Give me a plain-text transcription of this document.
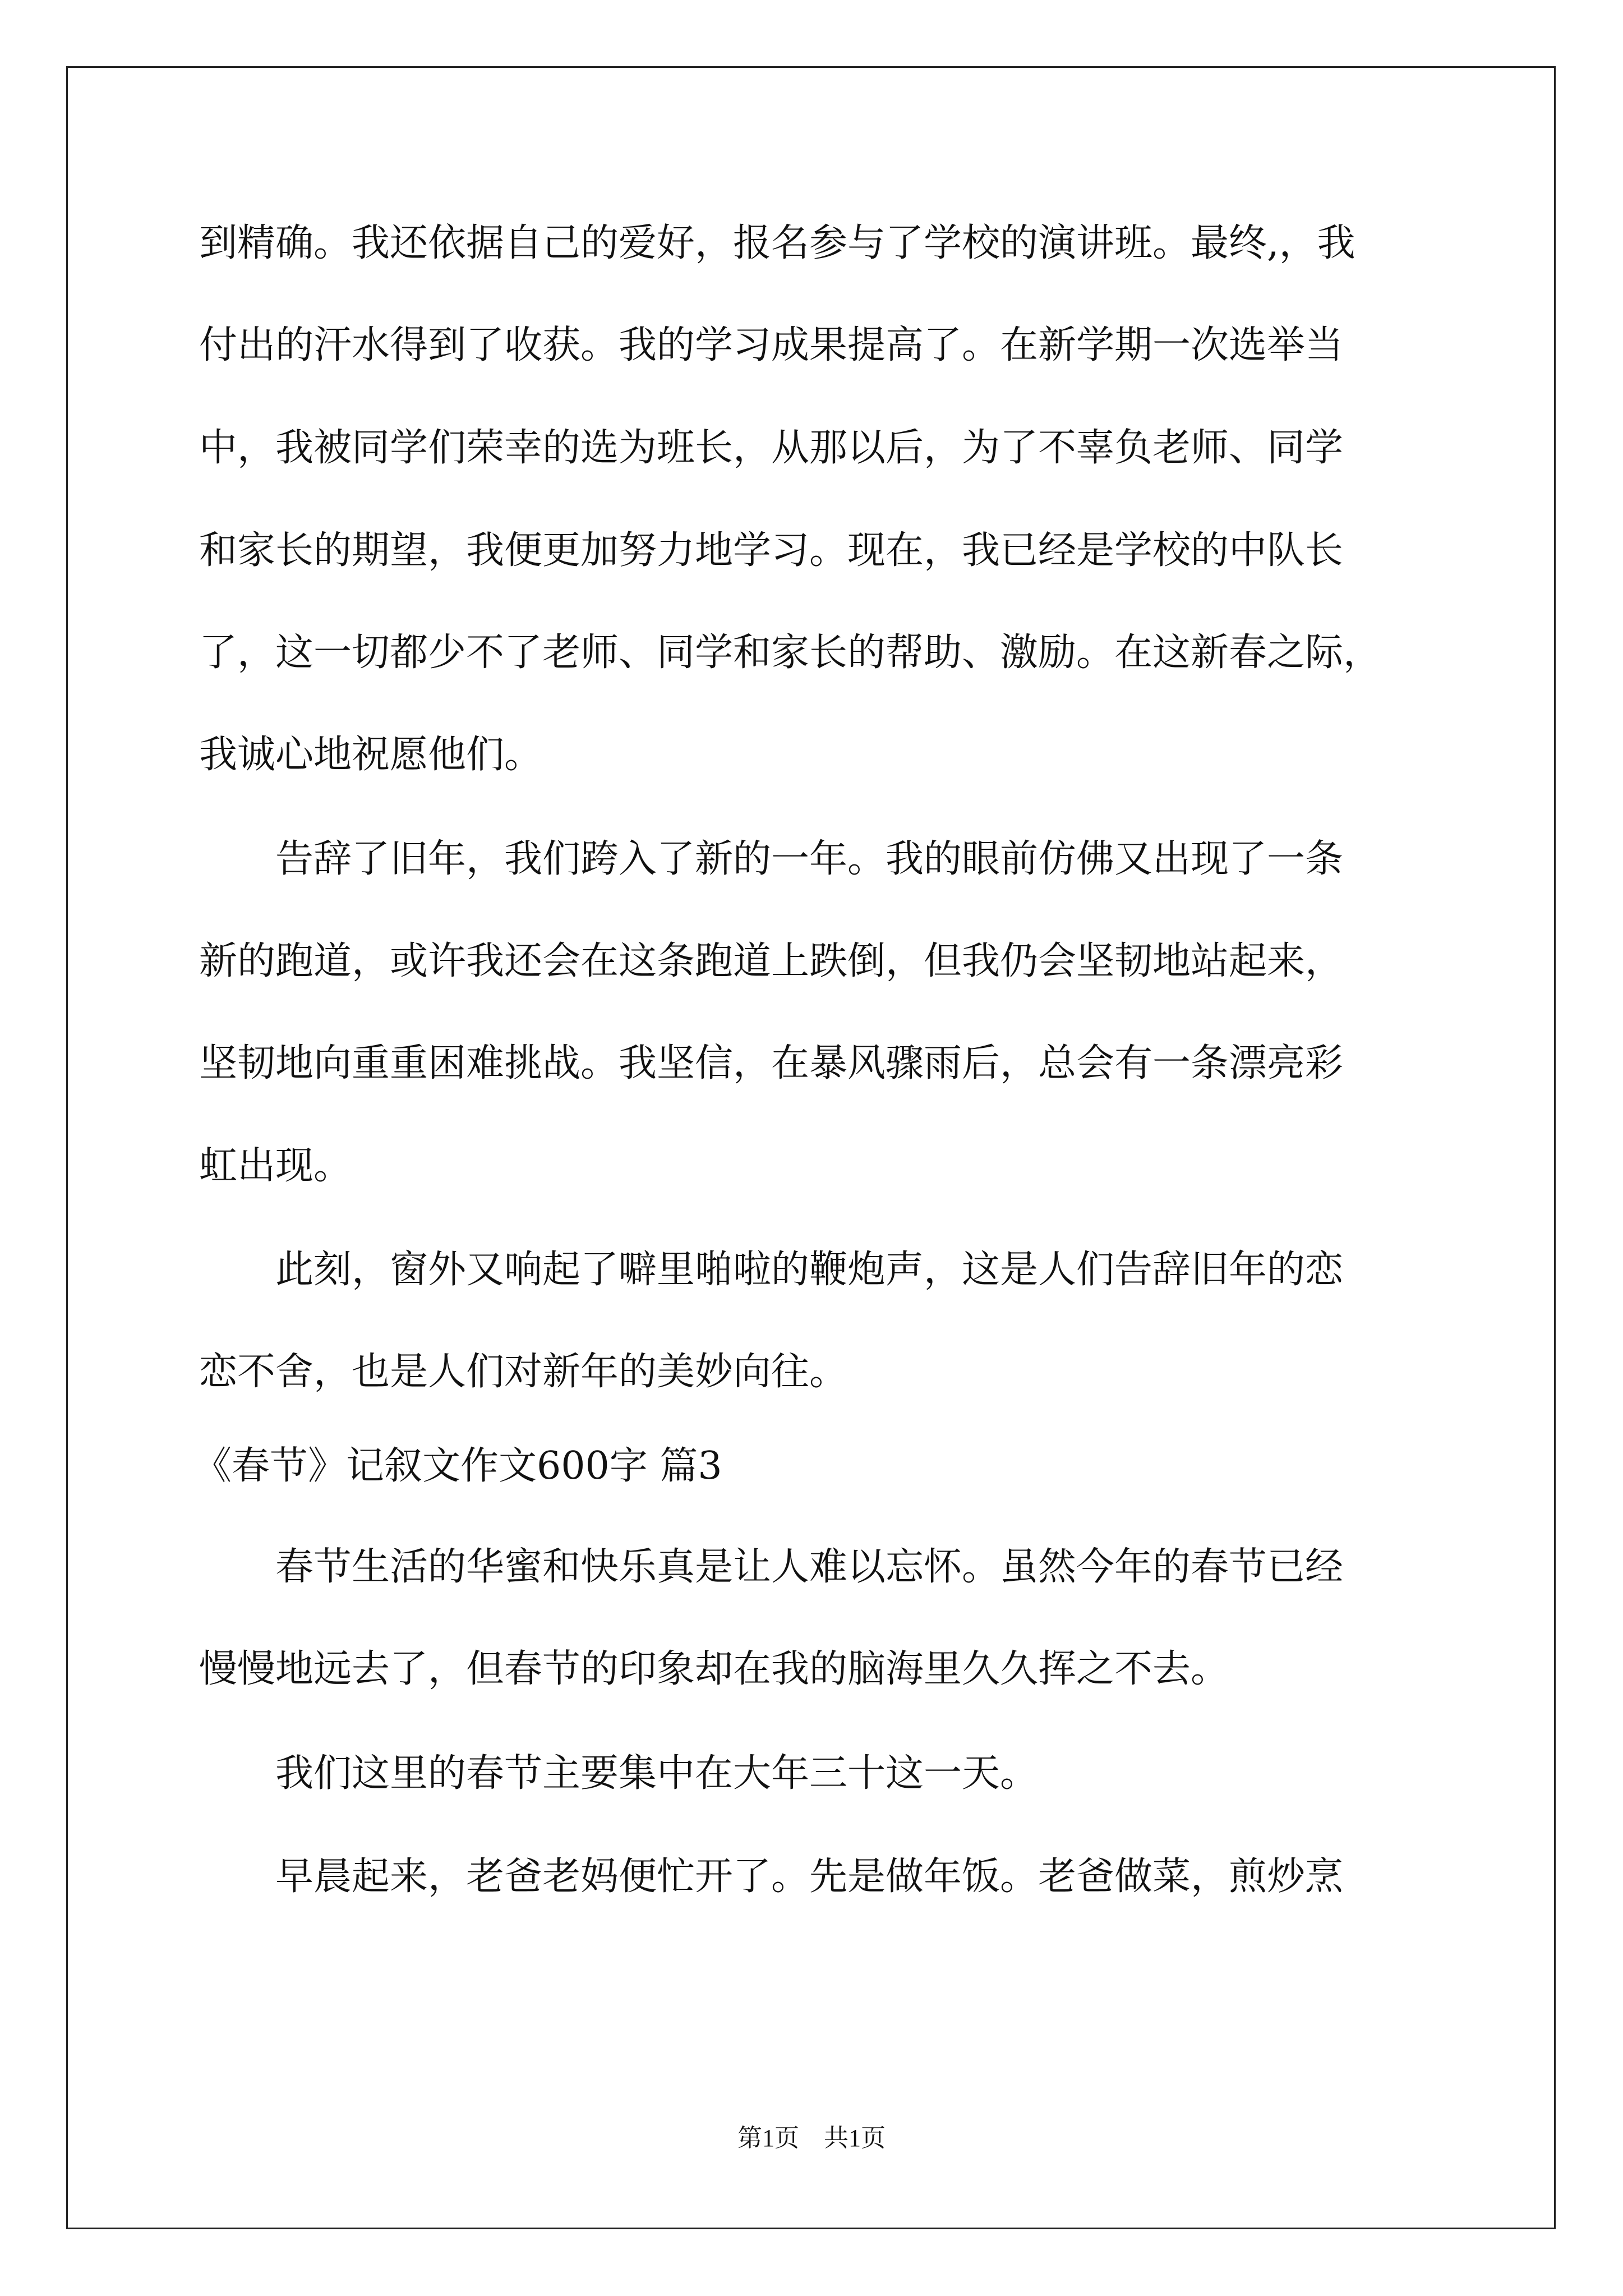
到精确。我还依据自己的爱好，报名参与了学校的演讲班。最终,，我

付出的汗水得到了收获。我的学习成果提高了。在新学期一次选举当

中，我被同学们荣幸的选为班长，从那以后，为了不辜负老师、同学

和家长的期望，我便更加努力地学习。现在，我已经是学校的中队长

了，这一切都少不了老师、同学和家长的帮助、激励。在这新春之际，

我诚心地祝愿他们。

　　告辞了旧年，我们跨入了新的一年。我的眼前仿佛又出现了一条

新的跑道，或许我还会在这条跑道上跌倒，但我仍会坚韧地站起来，

坚韧地向重重困难挑战。我坚信，在暴风骤雨后，总会有一条漂亮彩

虹出现。

　　此刻，窗外又响起了噼里啪啦的鞭炮声，这是人们告辞旧年的恋

恋不舍，也是人们对新年的美妙向往。

《春节》记叙文作文600字 篇3

　　春节生活的华蜜和快乐真是让人难以忘怀。虽然今年的春节已经

慢慢地远去了，但春节的印象却在我的脑海里久久挥之不去。

　　我们这里的春节主要集中在大年三十这一天。

　　早晨起来，老爸老妈便忙开了。先是做年饭。老爸做菜，煎炒烹

第1页　共1页
